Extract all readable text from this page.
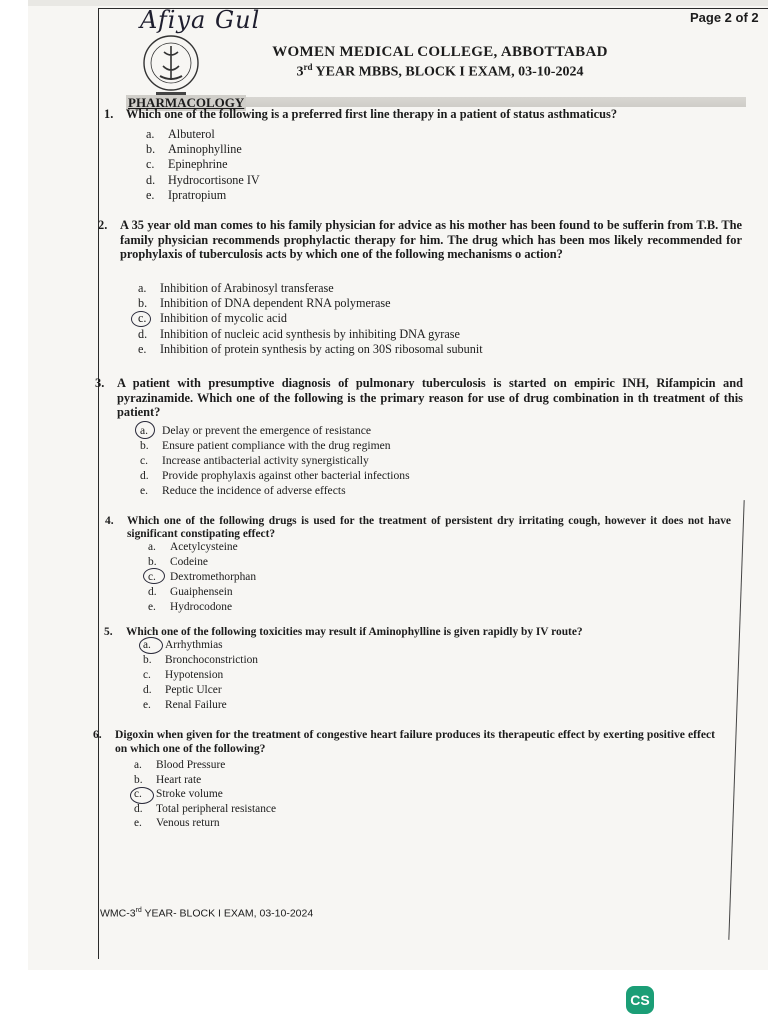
Afiya Gul	Page 2 of 2
WOMEN MEDICAL COLLEGE, ABBOTTABAD
3rd YEAR MBBS, BLOCK I EXAM, 03-10-2024
PHARMACOLOGY
1. Which one of the following is a preferred first line therapy in a patient of status asthmaticus?
a. Albuterol
b. Aminophylline
c. Epinephrine
d. Hydrocortisone IV
e. Ipratropium
2. A 35 year old man comes to his family physician for advice as his mother has been found to be sufferin from T.B. The family physician recommends prophylactic therapy for him. The drug which has been mos likely recommended for prophylaxis of tuberculosis acts by which one of the following mechanisms o action?
a. Inhibition of Arabinosyl transferase
b. Inhibition of DNA dependent RNA polymerase
c. Inhibition of mycolic acid
d. Inhibition of nucleic acid synthesis by inhibiting DNA gyrase
e. Inhibition of protein synthesis by acting on 30S ribosomal subunit
3. A patient with presumptive diagnosis of pulmonary tuberculosis is started on empiric INH, Rifampicin and pyrazinamide. Which one of the following is the primary reason for use of drug combination in th treatment of this patient?
a. Delay or prevent the emergence of resistance
b. Ensure patient compliance with the drug regimen
c. Increase antibacterial activity synergistically
d. Provide prophylaxis against other bacterial infections
e. Reduce the incidence of adverse effects
4. Which one of the following drugs is used for the treatment of persistent dry irritating cough, however it does not have significant constipating effect?
a. Acetylcysteine
b. Codeine
c. Dextromethorphan
d. Guaiphensein
e. Hydrocodone
5. Which one of the following toxicities may result if Aminophylline is given rapidly by IV route?
a. Arrhythmias
b. Bronchoconstriction
c. Hypotension
d. Peptic Ulcer
e. Renal Failure
6. Digoxin when given for the treatment of congestive heart failure produces its therapeutic effect by exerting positive effect on which one of the following?
a. Blood Pressure
b. Heart rate
c. Stroke volume
d. Total peripheral resistance
e. Venous return
WMC-3rd YEAR- BLOCK I EXAM, 03-10-2024
CS
